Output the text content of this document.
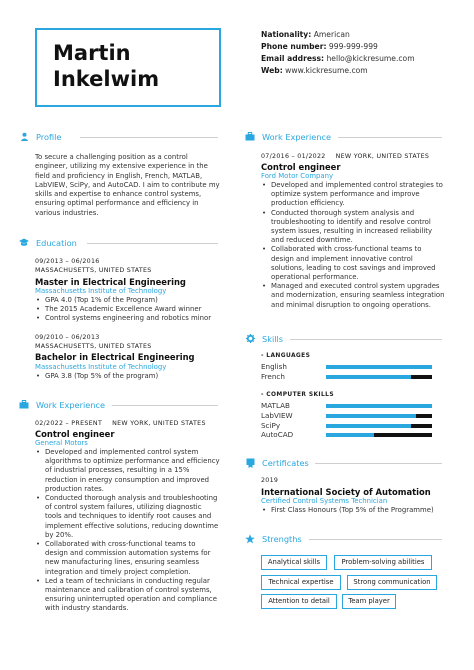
Martin
Inkelwim
Nationality: American
Phone number: 999-999-999
Email address: hello@kickresume.com
Web: www.kickresume.com
Profile
To secure a challenging position as a control engineer, utilizing my extensive experience in the field and proficiency in English, French, MATLAB, LabVIEW, SciPy, and AutoCAD. I aim to contribute my skills and expertise to enhance control systems, ensuring optimal performance and efficiency in various industries.
Education
09/2013 – 06/2016
MASSACHUSETTS, UNITED STATES
Master in Electrical Engineering
Massachusetts Institute of Technology
• GPA 4.0 (Top 1% of the Program)
• The 2015 Academic Excellence Award winner
• Control systems engineering and robotics minor
09/2010 – 06/2013
MASSACHUSETTS, UNITED STATES
Bachelor in Electrical Engineering
Massachusetts Institute of Technology
• GPA 3.8 (Top 5% of the program)
Work Experience
02/2022 – PRESENT NEW YORK, UNITED STATES
Control engineer
General Motors
• Developed and implemented control system algorithms to optimize performance and efficiency of industrial processes, resulting in a 15% reduction in energy consumption and improved production rates.
• Conducted thorough analysis and troubleshooting of control system failures, utilizing diagnostic tools and techniques to identify root causes and implement effective solutions, reducing downtime by 20%.
• Collaborated with cross-functional teams to design and commission automation systems for new manufacturing lines, ensuring seamless integration and timely project completion.
• Led a team of technicians in conducting regular maintenance and calibration of control systems, ensuring uninterrupted operation and compliance with industry standards.
Work Experience
07/2016 – 01/2022 NEW YORK, UNITED STATES
Control engineer
Ford Motor Company
• Developed and implemented control strategies to optimize system performance and improve production efficiency.
• Conducted thorough system analysis and troubleshooting to identify and resolve control system issues, resulting in increased reliability and reduced downtime.
• Collaborated with cross-functional teams to design and implement innovative control solutions, leading to cost savings and improved operational performance.
• Managed and executed control system upgrades and modernization, ensuring seamless integration and minimal disruption to ongoing operations.
Skills
- LANGUAGES
English
French
- COMPUTER SKILLS
MATLAB
LabVIEW
SciPy
AutoCAD
Certificates
2019
International Society of Automation
Certified Control Systems Technician
• First Class Honours (Top 5% of the Programme)
Strengths
Analytical skills	Problem-solving abilities
Technical expertise	Strong communication
Attention to detail	Team player
